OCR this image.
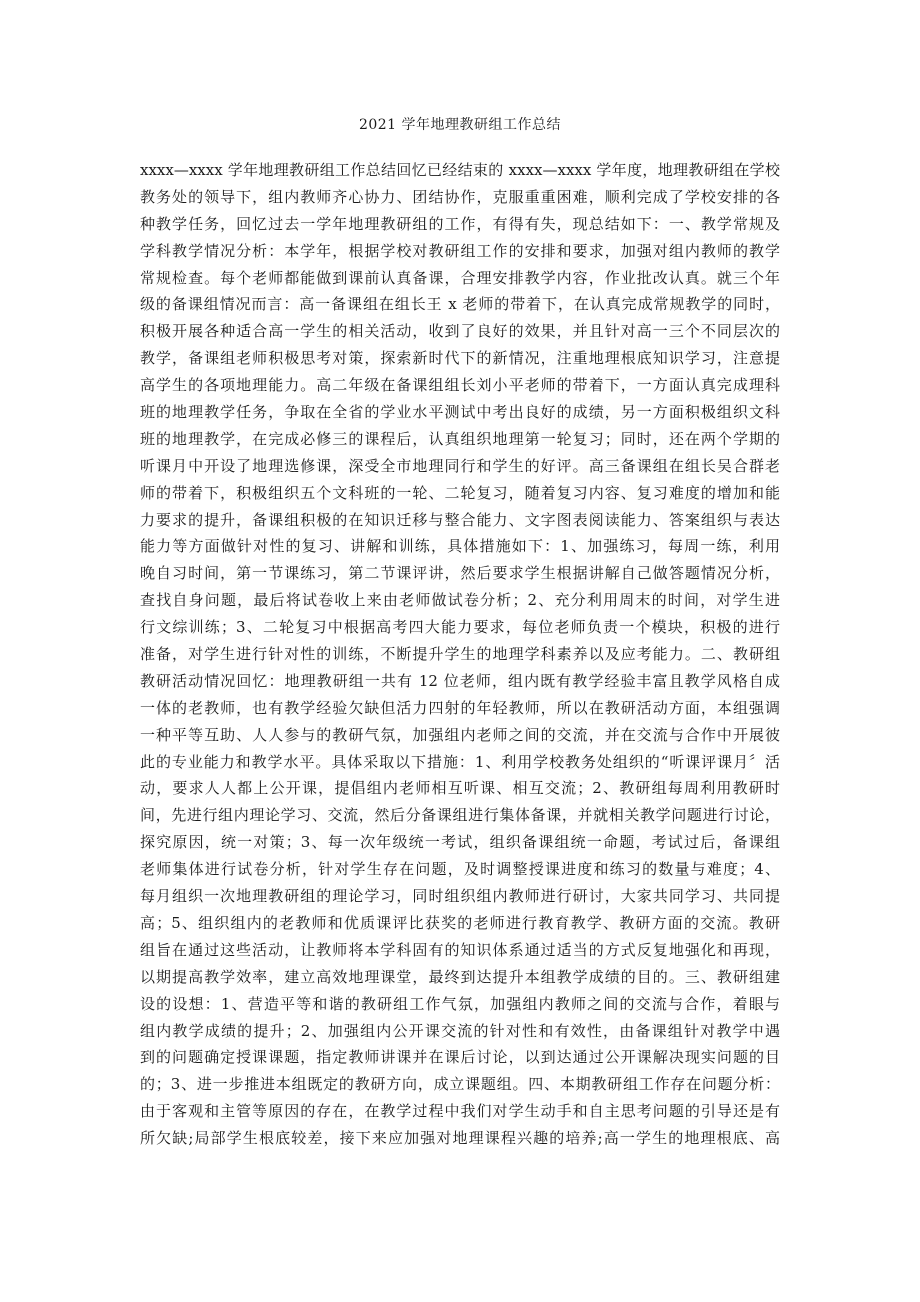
2021 学年地理教研组工作总结
xxxx—xxxx 学年地理教研组工作总结回忆已经结束的 xxxx—xxxx 学年度，地理教研组在学校
教务处的领导下，组内教师齐心协力、团结协作，克服重重困难，顺利完成了学校安排的各
种教学任务，回忆过去一学年地理教研组的工作，有得有失，现总结如下：一、教学常规及
学科教学情况分析：本学年，根据学校对教研组工作的安排和要求，加强对组内教师的教学
常规检查。每个老师都能做到课前认真备课，合理安排教学内容，作业批改认真。就三个年
级的备课组情况而言：高一备课组在组长王 x 老师的带着下，在认真完成常规教学的同时，
积极开展各种适合高一学生的相关活动，收到了良好的效果，并且针对高一三个不同层次的
教学，备课组老师积极思考对策，探索新时代下的新情况，注重地理根底知识学习，注意提
高学生的各项地理能力。高二年级在备课组组长刘小平老师的带着下，一方面认真完成理科
班的地理教学任务，争取在全省的学业水平测试中考出良好的成绩，另一方面积极组织文科
班的地理教学，在完成必修三的课程后，认真组织地理第一轮复习；同时，还在两个学期的
听课月中开设了地理选修课，深受全市地理同行和学生的好评。高三备课组在组长吴合群老
师的带着下，积极组织五个文科班的一轮、二轮复习，随着复习内容、复习难度的增加和能
力要求的提升，备课组积极的在知识迁移与整合能力、文字图表阅读能力、答案组织与表达
能力等方面做针对性的复习、讲解和训练，具体措施如下：1、加强练习，每周一练，利用
晚自习时间，第一节课练习，第二节课评讲，然后要求学生根据讲解自己做答题情况分析，
查找自身问题，最后将试卷收上来由老师做试卷分析；2、充分利用周末的时间，对学生进
行文综训练；3、二轮复习中根据高考四大能力要求，每位老师负责一个模块，积极的进行
准备，对学生进行针对性的训练，不断提升学生的地理学科素养以及应考能力。二、教研组
教研活动情况回忆：地理教研组一共有 12 位老师，组内既有教学经验丰富且教学风格自成
一体的老教师，也有教学经验欠缺但活力四射的年轻教师，所以在教研活动方面，本组强调
一种平等互助、人人参与的教研气氛，加强组内老师之间的交流，并在交流与合作中开展彼
此的专业能力和教学水平。具体采取以下措施：1、利用学校教务处组织的“听课评课月〞活
动，要求人人都上公开课，提倡组内老师相互听课、相互交流；2、教研组每周利用教研时
间，先进行组内理论学习、交流，然后分备课组进行集体备课，并就相关教学问题进行讨论，
探究原因，统一对策；3、每一次年级统一考试，组织备课组统一命题，考试过后，备课组
老师集体进行试卷分析，针对学生存在问题，及时调整授课进度和练习的数量与难度；4、
每月组织一次地理教研组的理论学习，同时组织组内教师进行研讨，大家共同学习、共同提
高；5、组织组内的老教师和优质课评比获奖的老师进行教育教学、教研方面的交流。教研
组旨在通过这些活动，让教师将本学科固有的知识体系通过适当的方式反复地强化和再现，
以期提高教学效率，建立高效地理课堂，最终到达提升本组教学成绩的目的。三、教研组建
设的设想：1、营造平等和谐的教研组工作气氛，加强组内教师之间的交流与合作，着眼与
组内教学成绩的提升；2、加强组内公开课交流的针对性和有效性，由备课组针对教学中遇
到的问题确定授课课题，指定教师讲课并在课后讨论，以到达通过公开课解决现实问题的目
的；3、进一步推进本组既定的教研方向，成立课题组。四、本期教研组工作存在问题分析：
由于客观和主管等原因的存在，在教学过程中我们对学生动手和自主思考问题的引导还是有
所欠缺;局部学生根底较差，接下来应加强对地理课程兴趣的培养;高一学生的地理根底、高
